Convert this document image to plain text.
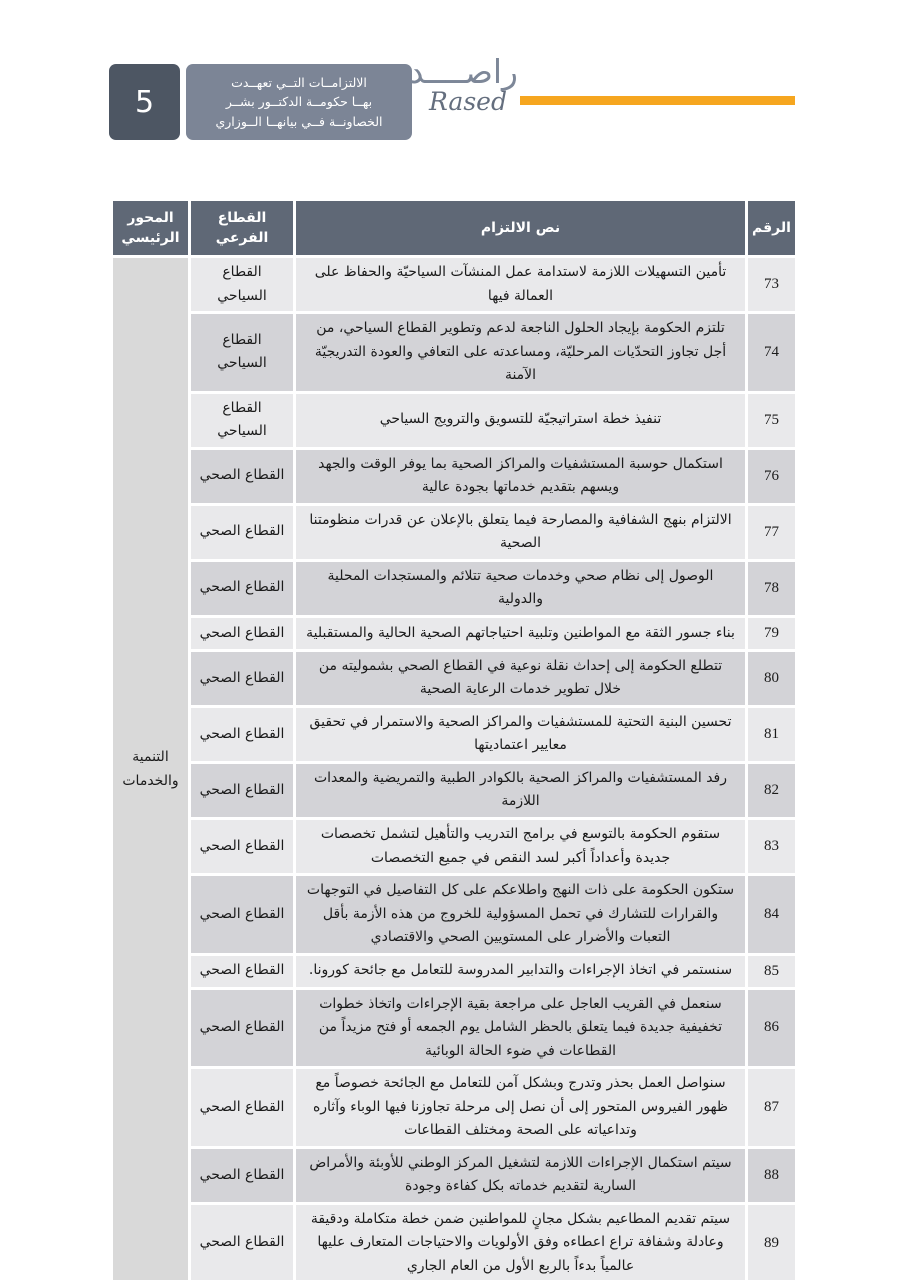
5
الالتزامــات التــي تعهــدت
بهــا حكومــة الدكتــور بشــر
الخصاونــة فــي بيانهــا الــوزاري
راصــــد
Rased
الرقم	نص الالتزام	القطاع الفرعي	المحور الرئيسي
73	تأمين التسهيلات اللازمة لاستدامة عمل المنشآت السياحيّة والحفاظ على العمالة فيها	القطاع السياحي	التنمية والخدمات
74	تلتزم الحكومة بإيجاد الحلول الناجعة لدعم وتطوير القطاع السياحي، من أجل تجاوز التحدّيات المرحليّة، ومساعدته على التعافي والعودة التدريجيّة الآمنة	القطاع السياحي	
75	تنفيذ خطة استراتيجيّة للتسويق والترويج السياحي	القطاع السياحي	
76	استكمال حوسبة المستشفيات والمراكز الصحية بما يوفر الوقت والجهد ويسهم بتقديم خدماتها بجودة عالية	القطاع الصحي	
77	الالتزام بنهج الشفافية والمصارحة فيما يتعلق بالإعلان عن قدرات منظومتنا الصحية	القطاع الصحي	
78	الوصول إلى نظام صحي وخدمات صحية تتلائم والمستجدات المحلية والدولية	القطاع الصحي	
79	بناء جسور الثقة مع المواطنين وتلبية احتياجاتهم الصحية الحالية والمستقبلية	القطاع الصحي	
80	تتطلع الحكومة إلى إحداث نقلة نوعية في القطاع الصحي بشموليته من خلال تطوير خدمات الرعاية الصحية	القطاع الصحي	
81	تحسين البنية التحتية للمستشفيات والمراكز الصحية والاستمرار في تحقيق معايير اعتماديتها	القطاع الصحي	
82	رفد المستشفيات والمراكز الصحية بالكوادر الطبية والتمريضية والمعدات اللازمة	القطاع الصحي	
83	ستقوم الحكومة بالتوسع في برامج التدريب والتأهيل لتشمل تخصصات جديدة وأعداداً أكبر لسد النقص في جميع التخصصات	القطاع الصحي	
84	ستكون الحكومة على ذات النهج واطلاعكم على كل التفاصيل في التوجهات والقرارات للتشارك في تحمل المسؤولية للخروج من هذه الأزمة بأقل التعبات والأضرار على المستويين الصحي والاقتصادي	القطاع الصحي	
85	سنستمر في اتخاذ الإجراءات والتدابير المدروسة للتعامل مع جائحة كورونا.	القطاع الصحي	
86	سنعمل في القريب العاجل على مراجعة بقية الإجراءات واتخاذ خطوات تخفيفية جديدة فيما يتعلق بالحظر الشامل يوم الجمعه أو فتح مزيداً من القطاعات في ضوء الحالة الوبائية	القطاع الصحي	
87	سنواصل العمل بحذر وتدرج وبشكل آمن للتعامل مع الجائحة خصوصاً مع ظهور الفيروس المتحور إلى أن نصل إلى مرحلة تجاوزنا فيها الوباء وآثاره وتداعياته على الصحة ومختلف القطاعات	القطاع الصحي	
88	سيتم استكمال الإجراءات اللازمة لتشغيل المركز الوطني للأوبئة والأمراض السارية لتقديم خدماته بكل كفاءة وجودة	القطاع الصحي	
89	سيتم تقديم المطاعيم بشكل مجانٍ للمواطنين ضمن خطة متكاملة ودقيقة وعادلة وشفافة تراع اعطاءه وفق الأولويات والاحتياجات المتعارف عليها عالمياً بدءاً بالربع الأول من العام الجاري	القطاع الصحي	
